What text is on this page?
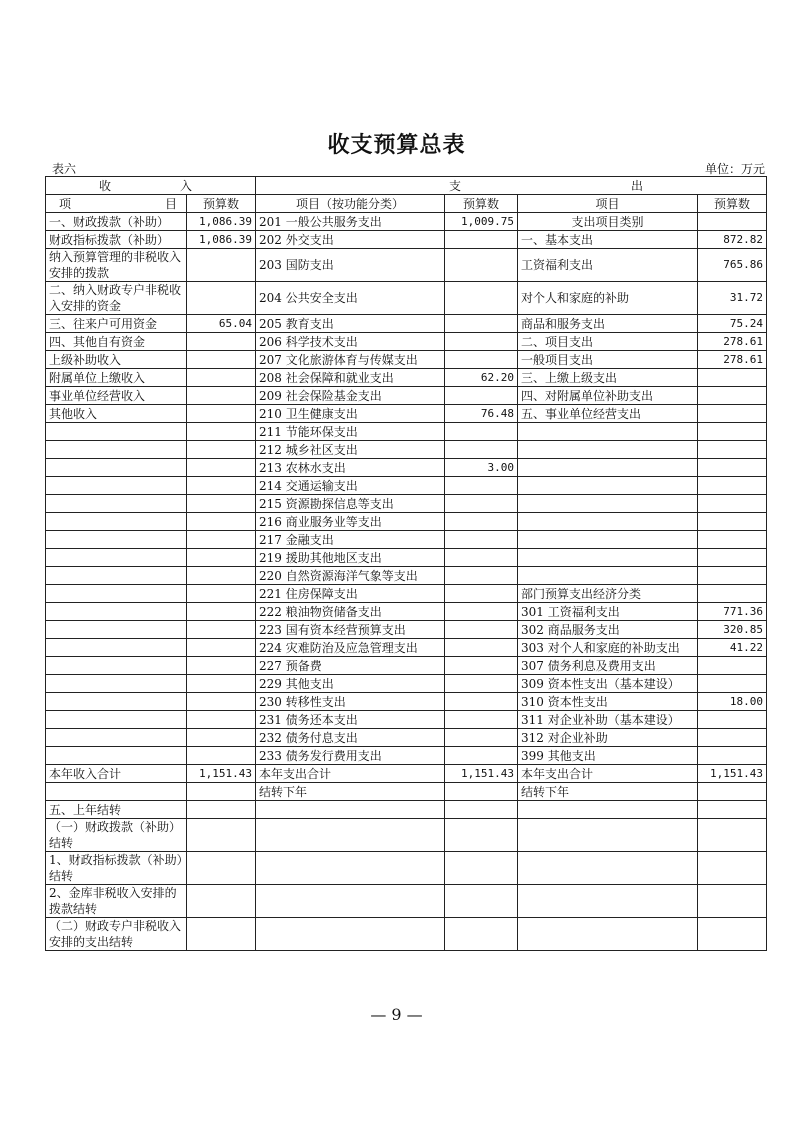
收支预算总表
表六	单位：万元
收 入		支 出			

项 目	预算数	项目（按功能分类）	预算数	项目	预算数
一、财政拨款（补助）	1,086.39	201 一般公共服务支出	1,009.75	支出项目类别	
财政指标拨款（补助）	1,086.39	202 外交支出		一、基本支出	872.82
纳入预算管理的非税收入安排的拨款		203 国防支出		工资福利支出	765.86
二、纳入财政专户非税收入安排的资金		204 公共安全支出		对个人和家庭的补助	31.72
三、往来户可用资金	65.04	205 教育支出		商品和服务支出	75.24
四、其他自有资金		206 科学技术支出		二、项目支出	278.61
上级补助收入		207 文化旅游体育与传媒支出		一般项目支出	278.61
附属单位上缴收入		208 社会保障和就业支出	62.20	三、上缴上级支出	
事业单位经营收入		209 社会保险基金支出		四、对附属单位补助支出	
其他收入		210 卫生健康支出	76.48	五、事业单位经营支出	
		211 节能环保支出			
		212 城乡社区支出			
		213 农林水支出	3.00		
		214 交通运输支出			
		215 资源勘探信息等支出			
		216 商业服务业等支出			
		217 金融支出			
		219 援助其他地区支出			
		220 自然资源海洋气象等支出			
		221 住房保障支出		部门预算支出经济分类	
		222 粮油物资储备支出		301 工资福利支出	771.36
		223 国有资本经营预算支出		302 商品服务支出	320.85
		224 灾难防治及应急管理支出		303 对个人和家庭的补助支出	41.22
		227 预备费		307 债务利息及费用支出	
		229 其他支出		309 资本性支出（基本建设）	
		230 转移性支出		310 资本性支出	18.00
		231 债务还本支出		311 对企业补助（基本建设）	
		232 债务付息支出		312 对企业补助	
		233 债务发行费用支出		399 其他支出	
本年收入合计	1,151.43	本年支出合计	1,151.43	本年支出合计	1,151.43
		结转下年		结转下年	
五、上年结转					
（一）财政拨款（补助）结转					
1、财政指标拨款（补助）结转					
2、金库非税收入安排的拨款结转					
（二）财政专户非税收入安排的支出结转					
— 9 —
